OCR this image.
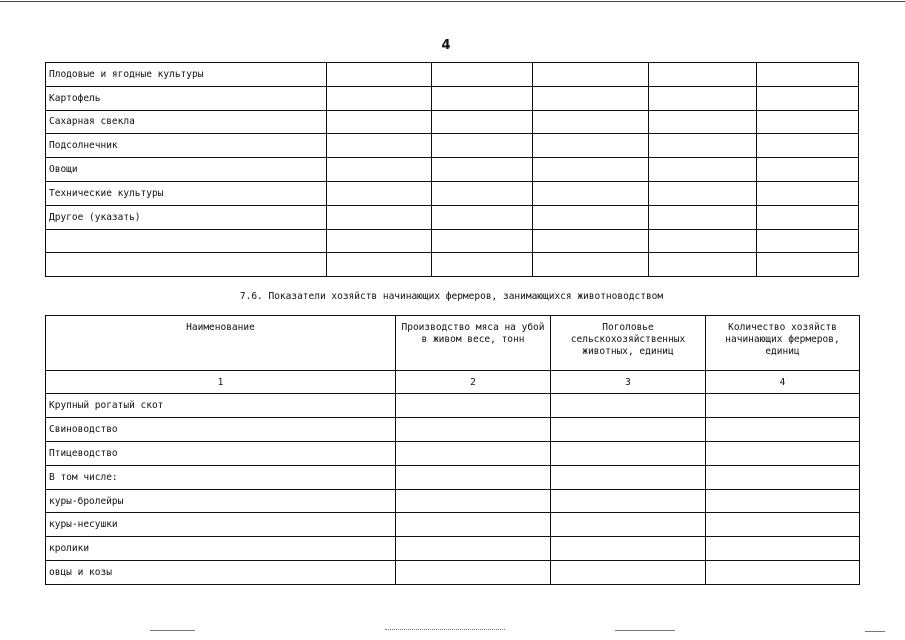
4
Плодовые и ягодные культуры					
Картофель					
Сахарная свекла					
Подсолнечник					
Овощи					
Технические культуры					
Другое (указать)					

7.6. Показатели хозяйств начинающих фермеров, занимающихся животноводством
Наименование	Производство мяса на убой в живом весе, тонн	Поголовье сельскохозяйственных животных, единиц	Количество хозяйств начинающих фермеров, единиц
1	2	3	4
Крупный рогатый скот			
Свиноводство			
Птицеводство			
В том числе:			
куры-бролейры			
куры-несушки			
кролики			
овцы и козы			
